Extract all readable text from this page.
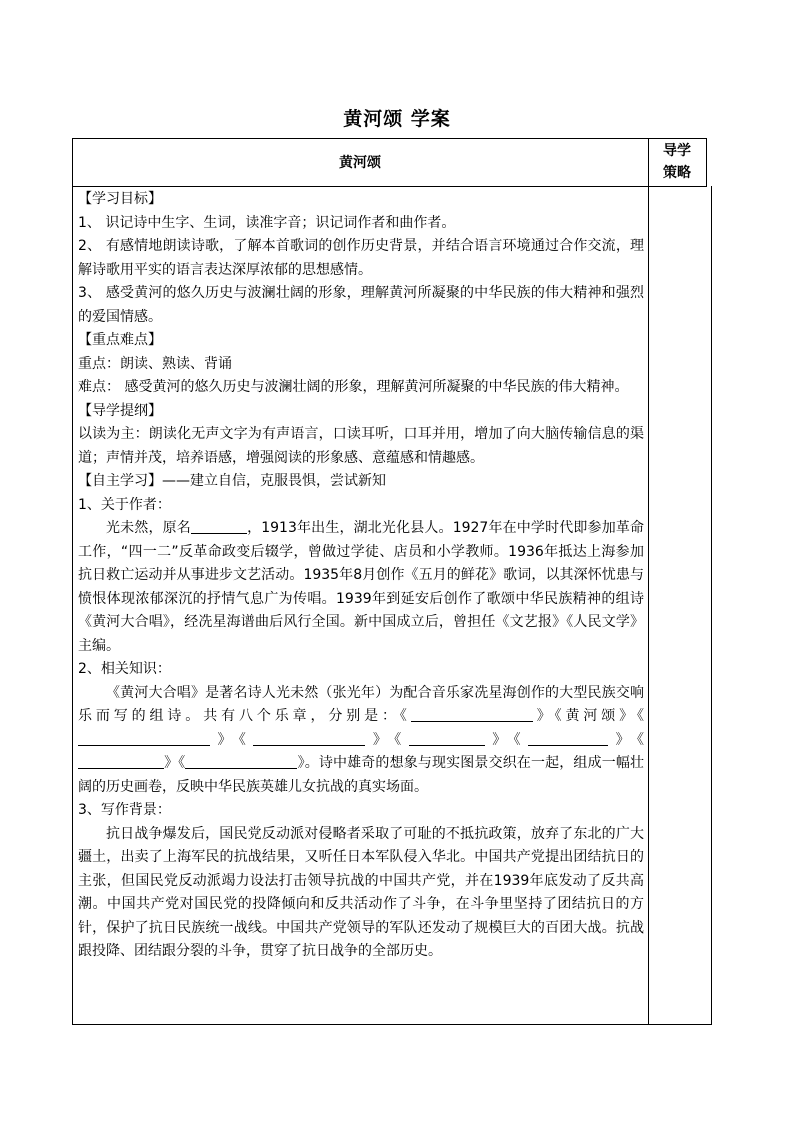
黄河颂 学案
黄河颂
导学
策略

【学习目标】

1、 识记诗中生字、生词，读准字音；识记词作者和曲作者。

2、 有感情地朗读诗歌，了解本首歌词的创作历史背景，并结合语言环境通过合作交流，理解诗歌用平实的语言表达深厚浓郁的思想感情。

3、 感受黄河的悠久历史与波澜壮阔的形象，理解黄河所凝聚的中华民族的伟大精神和强烈的爱国情感。

【重点难点】

重点：朗读、熟读、背诵

难点： 感受黄河的悠久历史与波澜壮阔的形象，理解黄河所凝聚的中华民族的伟大精神。

【导学提纲】

以读为主：朗读化无声文字为有声语言，口读耳听，口耳并用，增加了向大脑传输信息的渠道；声情并茂，培养语感，增强阅读的形象感、意蕴感和情趣感。

【自主学习】——建立自信，克服畏惧，尝试新知

1、关于作者：

光未然，原名	，1913年出生，湖北光化县人。1927年在中学时代即参加革命工作，“四一二”反革命政变后辍学，曾做过学徒、店员和小学教师。1936年抵达上海参加抗日救亡运动并从事进步文艺活动。1935年8月创作《五月的鲜花》歌词，以其深怀忧患与愤恨体现浓郁深沉的抒情气息广为传唱。1939年到延安后创作了歌颂中华民族精神的组诗《黄河大合唱》，经冼星海谱曲后风行全国。新中国成立后，曾担任《文艺报》《人民文学》主编。

2、相关知识：

《黄河大合唱》是著名诗人光未然（张光年）为配合音乐家冼星海创作的大型民族交响乐而写的组诗。共有八个乐章，分别是：《	》《黄河颂》《》《	》《	》《	》《》《	》。诗中雄奇的想象与现实图景交织在一起，组成一幅壮阔的历史画卷，反映中华民族英雄儿女抗战的真实场面。

3、写作背景：

抗日战争爆发后，国民党反动派对侵略者采取了可耻的不抵抗政策，放弃了东北的广大疆土，出卖了上海军民的抗战结果，又听任日本军队侵入华北。中国共产党提出团结抗日的主张，但国民党反动派竭力设法打击领导抗战的中国共产党，并在1939年底发动了反共高潮。中国共产党对国民党的投降倾向和反共活动作了斗争，在斗争里坚持了团结抗日的方针，保护了抗日民族统一战线。中国共产党领导的军队还发动了规模巨大的百团大战。抗战跟投降、团结跟分裂的斗争，贯穿了抗日战争的全部历史。
